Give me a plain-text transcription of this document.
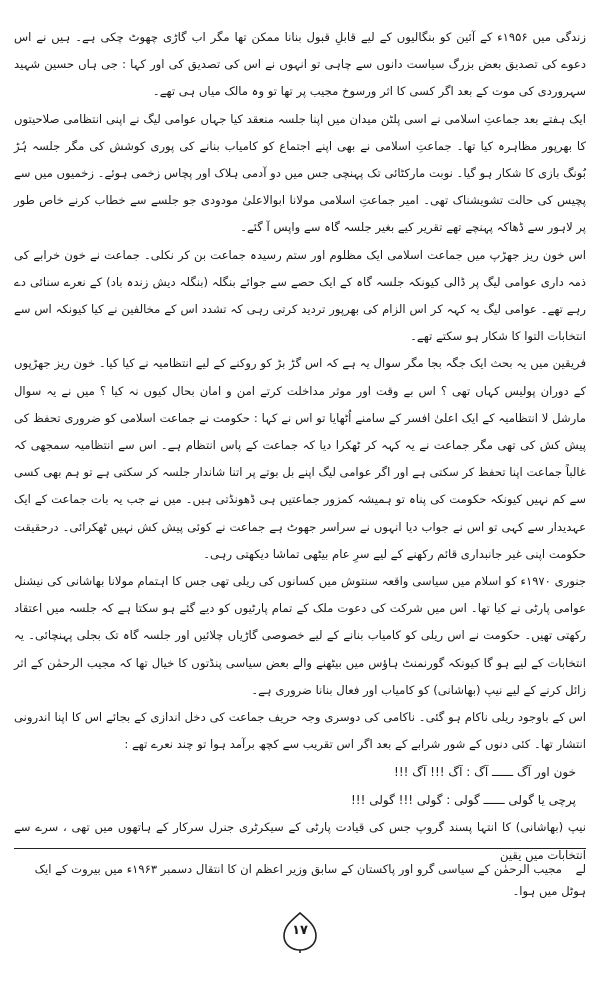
زندگی میں ۱۹۵۶ء کے آئین کو بنگالیوں کے لیے قابلِ قبول بنانا ممکن تھا مگر اب گاڑی چھوٹ چکی ہے۔ ہیں نے اس دعوے کی تصدیق بعض بزرگ سیاست دانوں سے چاہی تو انہوں نے اس کی تصدیق کی اور کہا : جی ہاں حسین شہید سہروردی کی موت کے بعد اگر کسی کا اثر ورسوخ مجیب پر تھا تو وہ مالک میاں ہی تھے۔

ایک ہفتے بعد جماعتِ اسلامی نے اسی پلٹن میدان میں اپنا جلسہ منعقد کیا جہاں عوامی لیگ نے اپنی انتظامی صلاحیتوں کا بھرپور مظاہرہ کیا تھا۔ جماعتِ اسلامی نے بھی اپنے اجتماع کو کامیاب بنانے کی پوری کوشش کی مگر جلسہ ہُڑ بُونگ بازی کا شکار ہو گیا۔ نوبت مارکٹائی تک پہنچی جس میں دو آدمی ہلاک اور پچاس زخمی ہوئے۔ زخمیوں میں سے پچیس کی حالت تشویشناک تھی۔ امیر جماعتِ اسلامی مولانا ابوالاعلیٰ مودودی جو جلسے سے خطاب کرنے خاص طور پر لاہور سے ڈھاکہ پہنچے تھے تقریر کیے بغیر جلسہ گاہ سے واپس آ گئے۔

اس خون ریز جھڑپ میں جماعت اسلامی ایک مظلوم اور ستم رسیدہ جماعت بن کر نکلی۔ جماعت نے خون خرابے کی ذمہ داری عوامی لیگ پر ڈالی کیونکہ جلسہ گاہ کے ایک حصے سے جوائے بنگلہ (بنگلہ دیش زندہ باد) کے نعرے سنائی دے رہے تھے۔ عوامی لیگ یہ کہہ کر اس الزام کی بھرپور تردید کرتی رہی کہ تشدد اس کے مخالفین نے کیا کیونکہ اس سے انتخابات التوا کا شکار ہو سکتے تھے۔

فریقین میں یہ بحث ایک جگہ بجا مگر سوال یہ ہے کہ اس گڑ بڑ کو روکنے کے لیے انتظامیہ نے کیا کیا۔ خون ریز جھڑپوں کے دوران پولیس کہاں تھی ؟ اس بے وقت اور موثر مداخلت کرتے امن و امان بحال کیوں نہ کیا ؟ میں نے یہ سوال مارشل لا انتظامیہ کے ایک اعلیٰ افسر کے سامنے اُٹھایا تو اس نے کہا : حکومت نے جماعت اسلامی کو ضروری تحفظ کی پیش کش کی تھی مگر جماعت نے یہ کہہ کر ٹھکرا دیا کہ جماعت کے پاس انتظام ہے۔ اس سے انتظامیہ سمجھی کہ غالباً جماعت اپنا تحفظ کر سکتی ہے اور اگر عوامی لیگ اپنے بل بوتے پر اتنا شاندار جلسہ کر سکتی ہے تو ہم بھی کسی سے کم نہیں کیونکہ حکومت کی پناہ تو ہمیشہ کمزور جماعتیں ہی ڈھونڈتی ہیں۔ میں نے جب یہ بات جماعت کے ایک عہدیدار سے کہی تو اس نے جواب دیا انہوں نے سراسر جھوٹ ہے جماعت نے کوئی پیش کش نہیں ٹھکرائی۔ درحقیقت حکومت اپنی غیر جانبداری قائم رکھنے کے لیے سرِ عام بیٹھی تماشا دیکھتی رہی۔

جنوری ۱۹۷۰ء کو اسلام میں سیاسی واقعہ سنتوش میں کسانوں کی ریلی تھی جس کا اہتمام مولانا بھاشانی کی نیشنل عوامی پارٹی نے کیا تھا۔ اس میں شرکت کی دعوت ملک کے تمام پارٹیوں کو دیے گئے ہو سکتا ہے کہ جلسہ میں اعتقاد رکھتی تھیں۔ حکومت نے اس ریلی کو کامیاب بنانے کے لیے خصوصی گاڑیاں چلائیں اور جلسہ گاہ تک بجلی پہنچائی۔ یہ انتخابات کے لیے ہو گا کیونکہ گورنمنٹ ہاؤس میں بیٹھنے والے بعض سیاسی پنڈتوں کا خیال تھا کہ مجیب الرحمٰن کے اثر زائل کرنے کے لیے نیپ (بھاشانی) کو کامیاب اور فعال بنانا ضروری ہے۔

اس کے باوجود ریلی ناکام ہو گئی۔ ناکامی کی دوسری وجہ حریف جماعت کی دخل اندازی کے بجائے اس کا اپنا اندرونی انتشار تھا۔ کئی دنوں کے شور شرابے کے بعد اگر اس تقریب سے کچھ برآمد ہوا تو چند نعرے تھے :

خون اور آگ ــــــ آگ : آگ !!! آگ !!!
پرچی یا گولی ــــــ گولی : گولی !!! گولی !!!

نیپ (بھاشانی) کا انتہا پسند گروپ جس کی قیادت پارٹی کے سیکرٹری جنرل سرکار کے ہاتھوں میں تھی ، سرے سے انتخابات میں یقین

لے مجیب الرحمٰن کے سیاسی گرو اور پاکستان کے سابق وزیر اعظم ان کا انتقال دسمبر ۱۹۶۳ء میں بیروت کے ایک ہوٹل میں ہوا۔

۱۷
